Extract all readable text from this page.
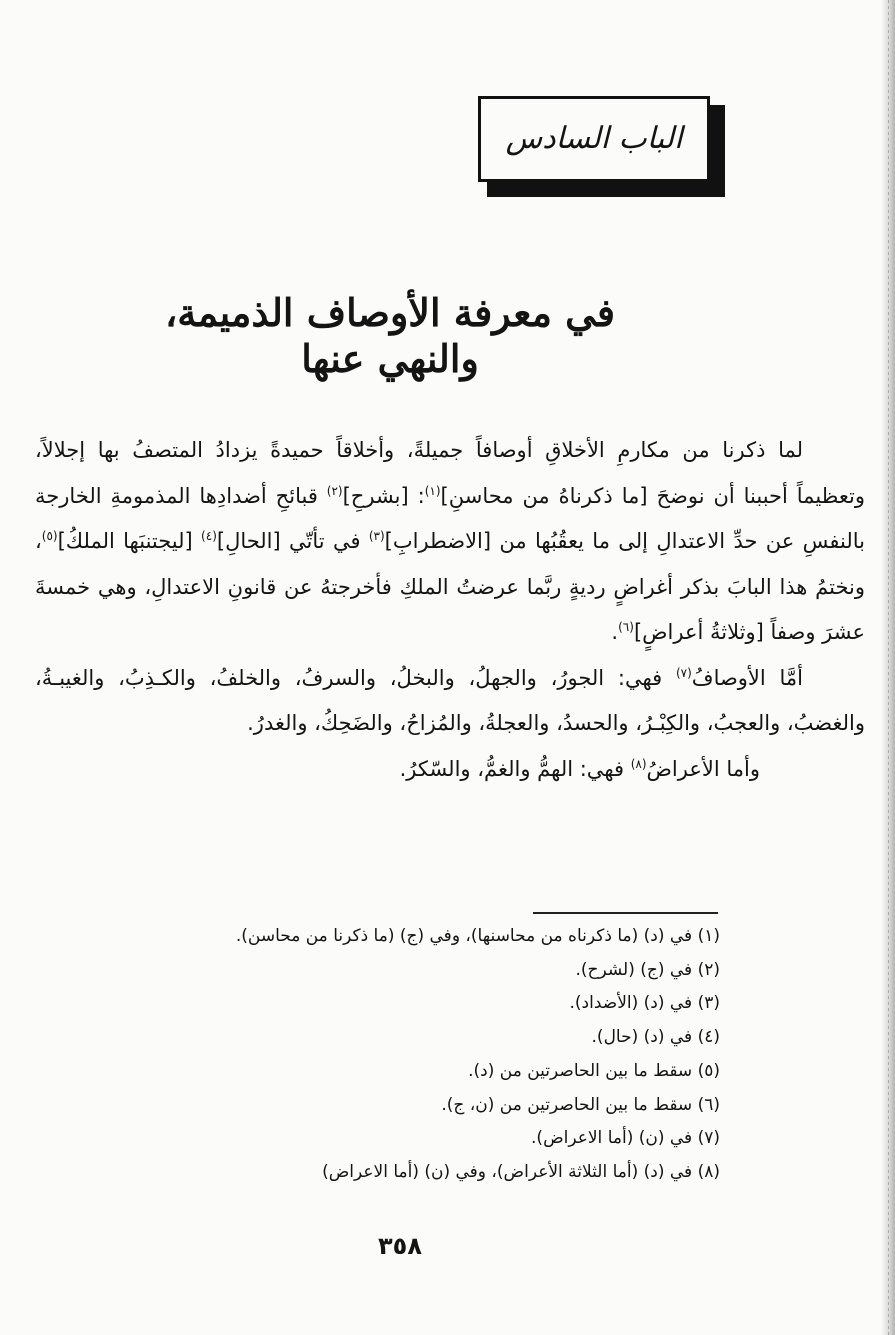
الباب السادس
في معرفة الأوصاف الذميمة، والنهي عنها

لما ذكرنا من مكارمِ الأخلاقِ أوصافاً جميلةً، وأخلاقاً حميدةً يزدادُ المتصفُ بها إجلالاً، وتعظيماً أحببنا أن نوضحَ [ما ذكرناهُ من محاسنِ]$^{(١)}$: [بشرحِ]$^{(٢)}$ قبائحِ أضدادِها المذمومةِ الخارجة بالنفسِ عن حدِّ الاعتدالِ إلى ما يعقُبُها من [الاضطرابِ]$^{(٣)}$ في تأتّي [الحالِ]$^{(٤)}$ [ليجتنبَها الملكُ]$^{(٥)}$، ونختمُ هذا البابَ بذكر أغراضٍ رديةٍ ربَّما عرضتُ الملكِ فأخرجتهُ عن قانونِ الاعتدالِ، وهي خمسةَ عشرَ وصفاً [وثلاثةُ أعراضٍ]$^{(٦)}$.

أمَّا الأوصافُ$^{(٧)}$ فهي: الجورُ، والجهلُ، والبخلُ، والسرفُ، والخلفُ، والكـذِبُ، والغيبـةُ، والغضبُ، والعجبُ، والكِبْـرُ، والحسدُ، والعجلةُ، والمُزاحُ، والضَحِكُ، والغدرُ.

وأما الأعراضُ$^{(٨)}$ فهي: الهمُّ والغمُّ، والسّكرُ.

(١) في (د) (ما ذكرناه من محاسنها)، وفي (ج) (ما ذكرنا من محاسن).
(٢) في (ج) (لشرح).
(٣) في (د) (الأضداد).
(٤) في (د) (حال).
(٥) سقط ما بين الحاصرتين من (د).
(٦) سقط ما بين الحاصرتين من (ن، ج).
(٧) في (ن) (أما الاعراض).
(٨) في (د) (أما الثلاثة الأعراض)، وفي (ن) (أما الاعراض)
٣٥٨
